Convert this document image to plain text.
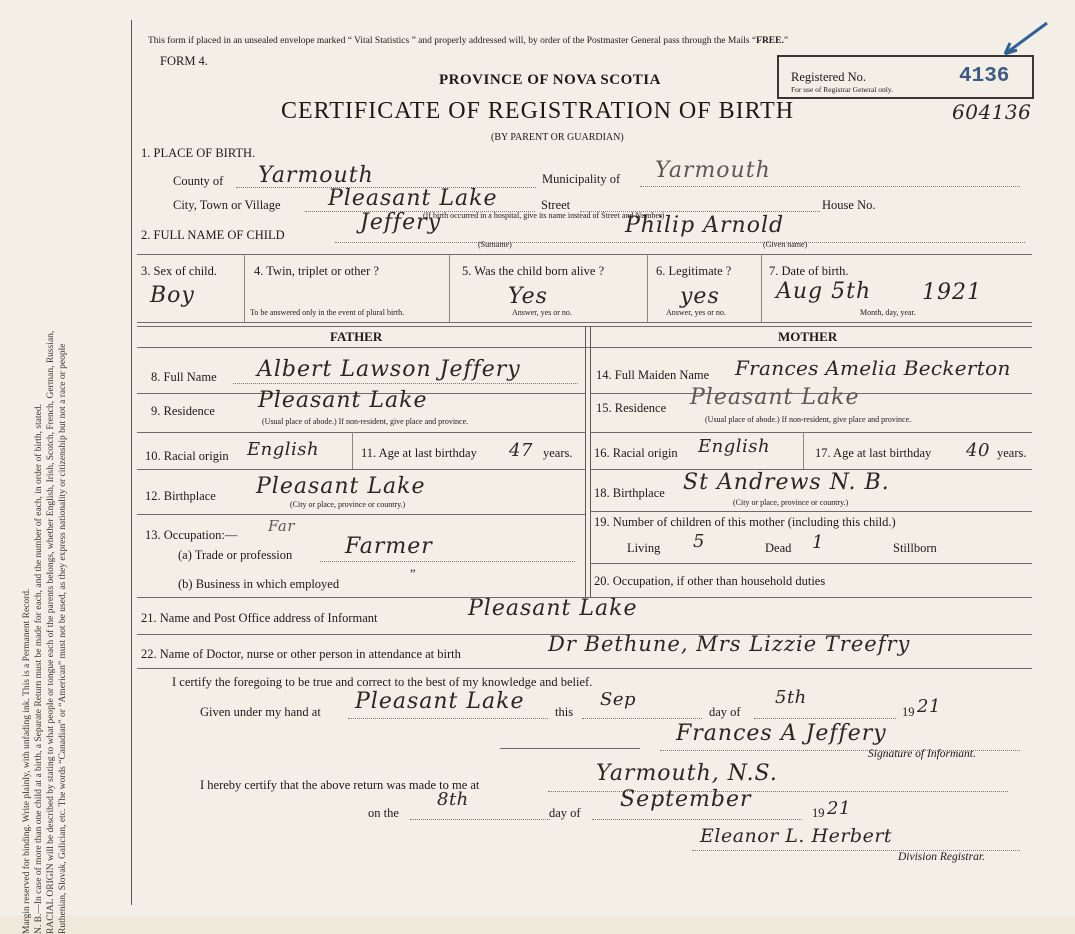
Margin reserved for binding. Write plainly, with unfading ink. This is a Permanent Record. N. B.—In case of more than one child at a birth, a Separate Return must be made for each, and the number of each, in order of birth, stated. RACIAL ORIGIN will be described by stating to what people or tongue each of the parents belongs, whether English, Irish, Scotch, French, German, Russian, Ruthenian, Slovak, Galician, etc. The words “Canadian” or “American” must not be used, as they express nationality or citizenship but not a race or people
This form if placed in an unsealed envelope marked “ Vital Statistics ” and properly addressed will, by order of the Postmaster General pass through the Mails “FREE.”
FORM 4.
PROVINCE OF NOVA SCOTIA
CERTIFICATE OF REGISTRATION OF BIRTH
(BY PARENT OR GUARDIAN)
Registered No.
For use of Registrar General only.
4136
604136
1. PLACE OF BIRTH.
County of Yarmouth	Municipality of Yarmouth
City, Town or Village Pleasant Lake	Street	House No.
(If birth occurred in a hospital, give its name instead of Street and Number)
2. FULL NAME OF CHILD	Jeffery
(Surname)
Philip Arnold
(Given name)
3. Sex of child.
Boy
4. Twin, triplet or other ?
To be answered only in the event of plural birth.
5. Was the child born alive ?
Yes
Answer, yes or no.
6. Legitimate ?
yes
Answer, yes or no.
7. Date of birth.
Aug 5th 1921
Month, day, year.
FATHER	MOTHER
8. Full Name Albert Lawson Jeffery
9. Residence Pleasant Lake
(Usual place of abode.) If non-resident, give place and province.
10. Racial origin English	11. Age at last birthday 47 years.
12. Birthplace Pleasant Lake
(City or place, province or country.)
13. Occupation:— Far
(a) Trade or profession Farmer
(b) Business in which employed
”
14. Full Maiden Name Frances Amelia Beckerton
15. Residence Pleasant Lake
(Usual place of abode.) If non-resident, give place and province.
16. Racial origin English	17. Age at last birthday 40 years.
18. Birthplace St Andrews N. B.
(City or place, province or country.)
19. Number of children of this mother (including this child.)
Living 5	Dead 1	Stillborn
20. Occupation, if other than household duties
21. Name and Post Office address of Informant	Pleasant Lake
22. Name of Doctor, nurse or other person in attendance at birth	Dr Bethune, Mrs Lizzie Treefry
I certify the foregoing to be true and correct to the best of my knowledge and belief.
Given under my hand at Pleasant Lake this
Sep
day of
5th
19 21
Frances A Jeffery
Signature of Informant.
I hereby certify that the above return was made to me at	Yarmouth, N.S.
on the
8th
day of
September
19 21
Eleanor L. Herbert
Division Registrar.
